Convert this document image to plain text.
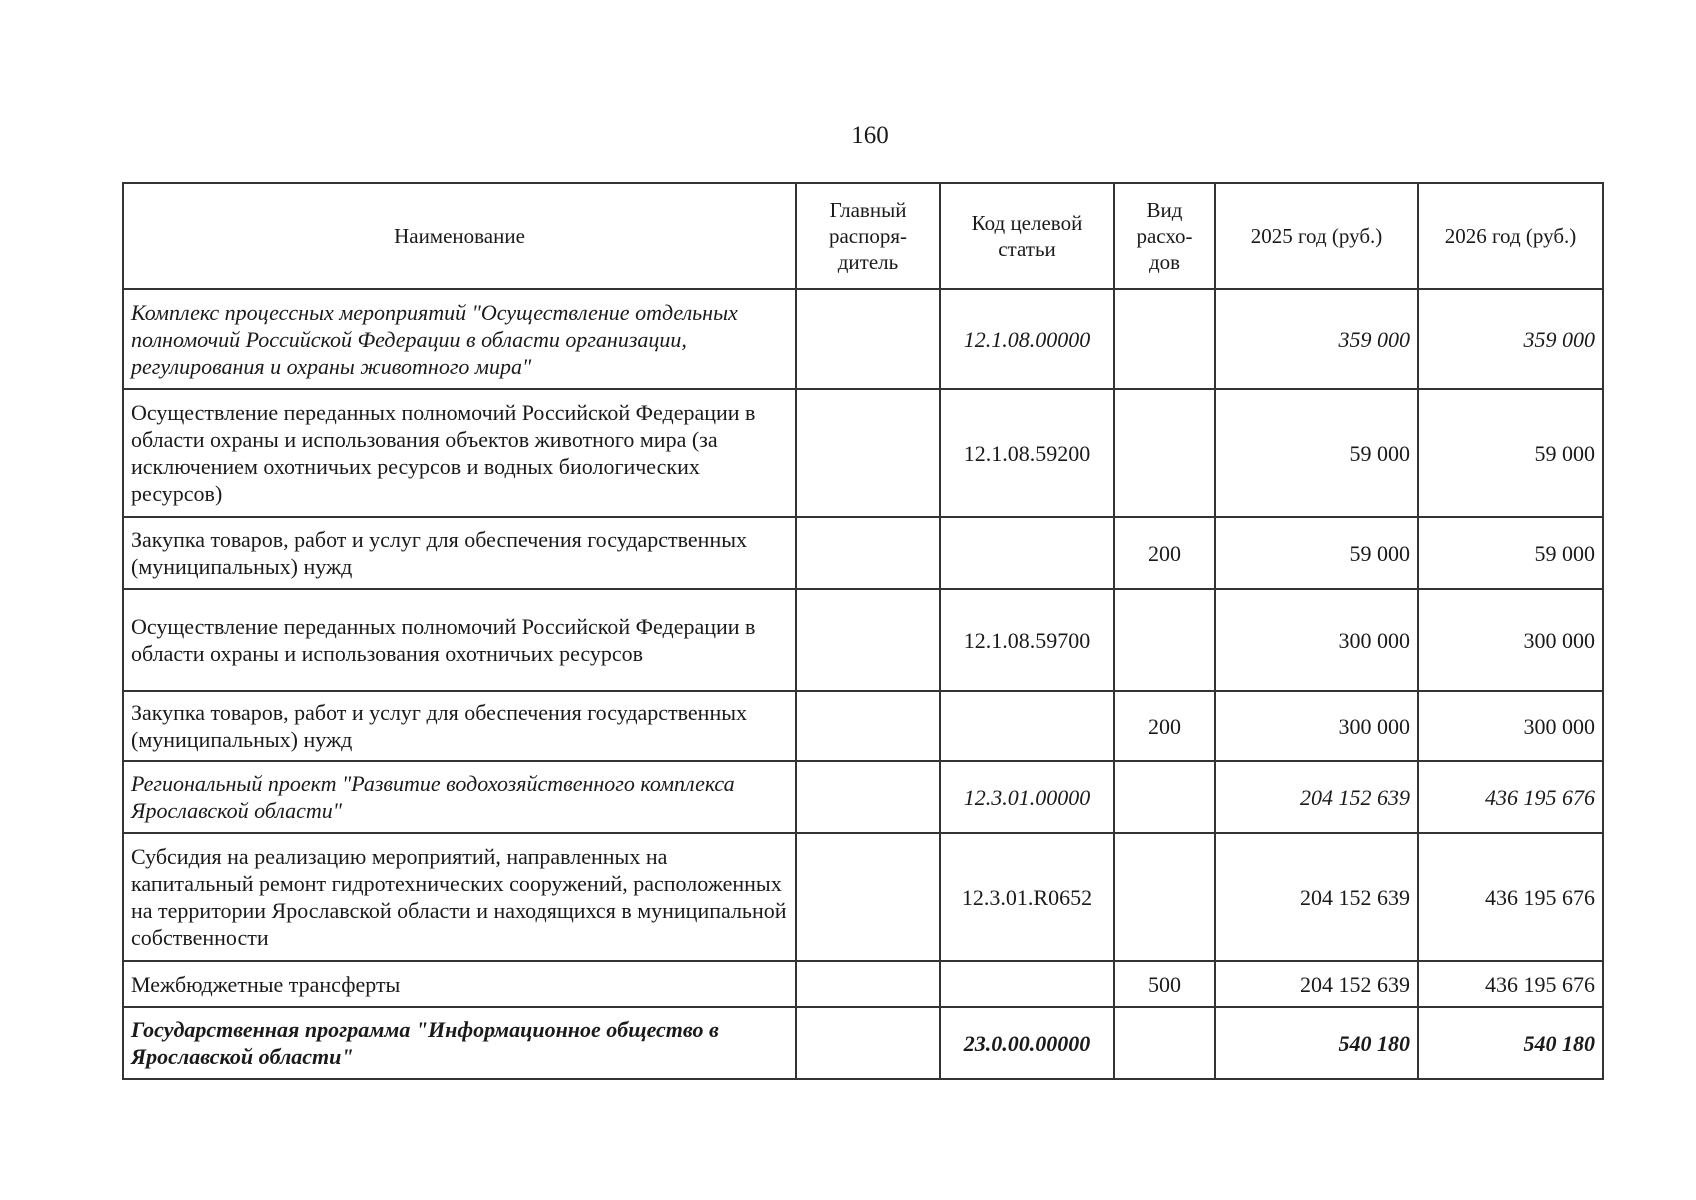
160
Наименование	Главный распоря-дитель	Код целевой статьи	Вид расхо-дов	2025 год (руб.)	2026 год (руб.)
Комплекс процессных мероприятий "Осуществление отдельных полномочий Российской Федерации в области организации, регулирования и охраны животного мира"		12.1.08.00000		359 000	359 000
Осуществление переданных полномочий Российской Федерации в области охраны и использования объектов животного мира (за исключением охотничьих ресурсов и водных биологических ресурсов)		12.1.08.59200		59 000	59 000
Закупка товаров, работ и услуг для обеспечения государственных (муниципальных) нужд			200	59 000	59 000
Осуществление переданных полномочий Российской Федерации в области охраны и использования охотничьих ресурсов		12.1.08.59700		300 000	300 000
Закупка товаров, работ и услуг для обеспечения государственных (муниципальных) нужд			200	300 000	300 000
Региональный проект "Развитие водохозяйственного комплекса Ярославской области"		12.3.01.00000		204 152 639	436 195 676
Субсидия на реализацию мероприятий, направленных на капитальный ремонт гидротехнических сооружений, расположенных на территории Ярославской области и находящихся в муниципальной собственности		12.3.01.R0652		204 152 639	436 195 676
Межбюджетные трансферты			500	204 152 639	436 195 676
Государственная программа "Информационное общество в Ярославской области"		23.0.00.00000		540 180	540 180
